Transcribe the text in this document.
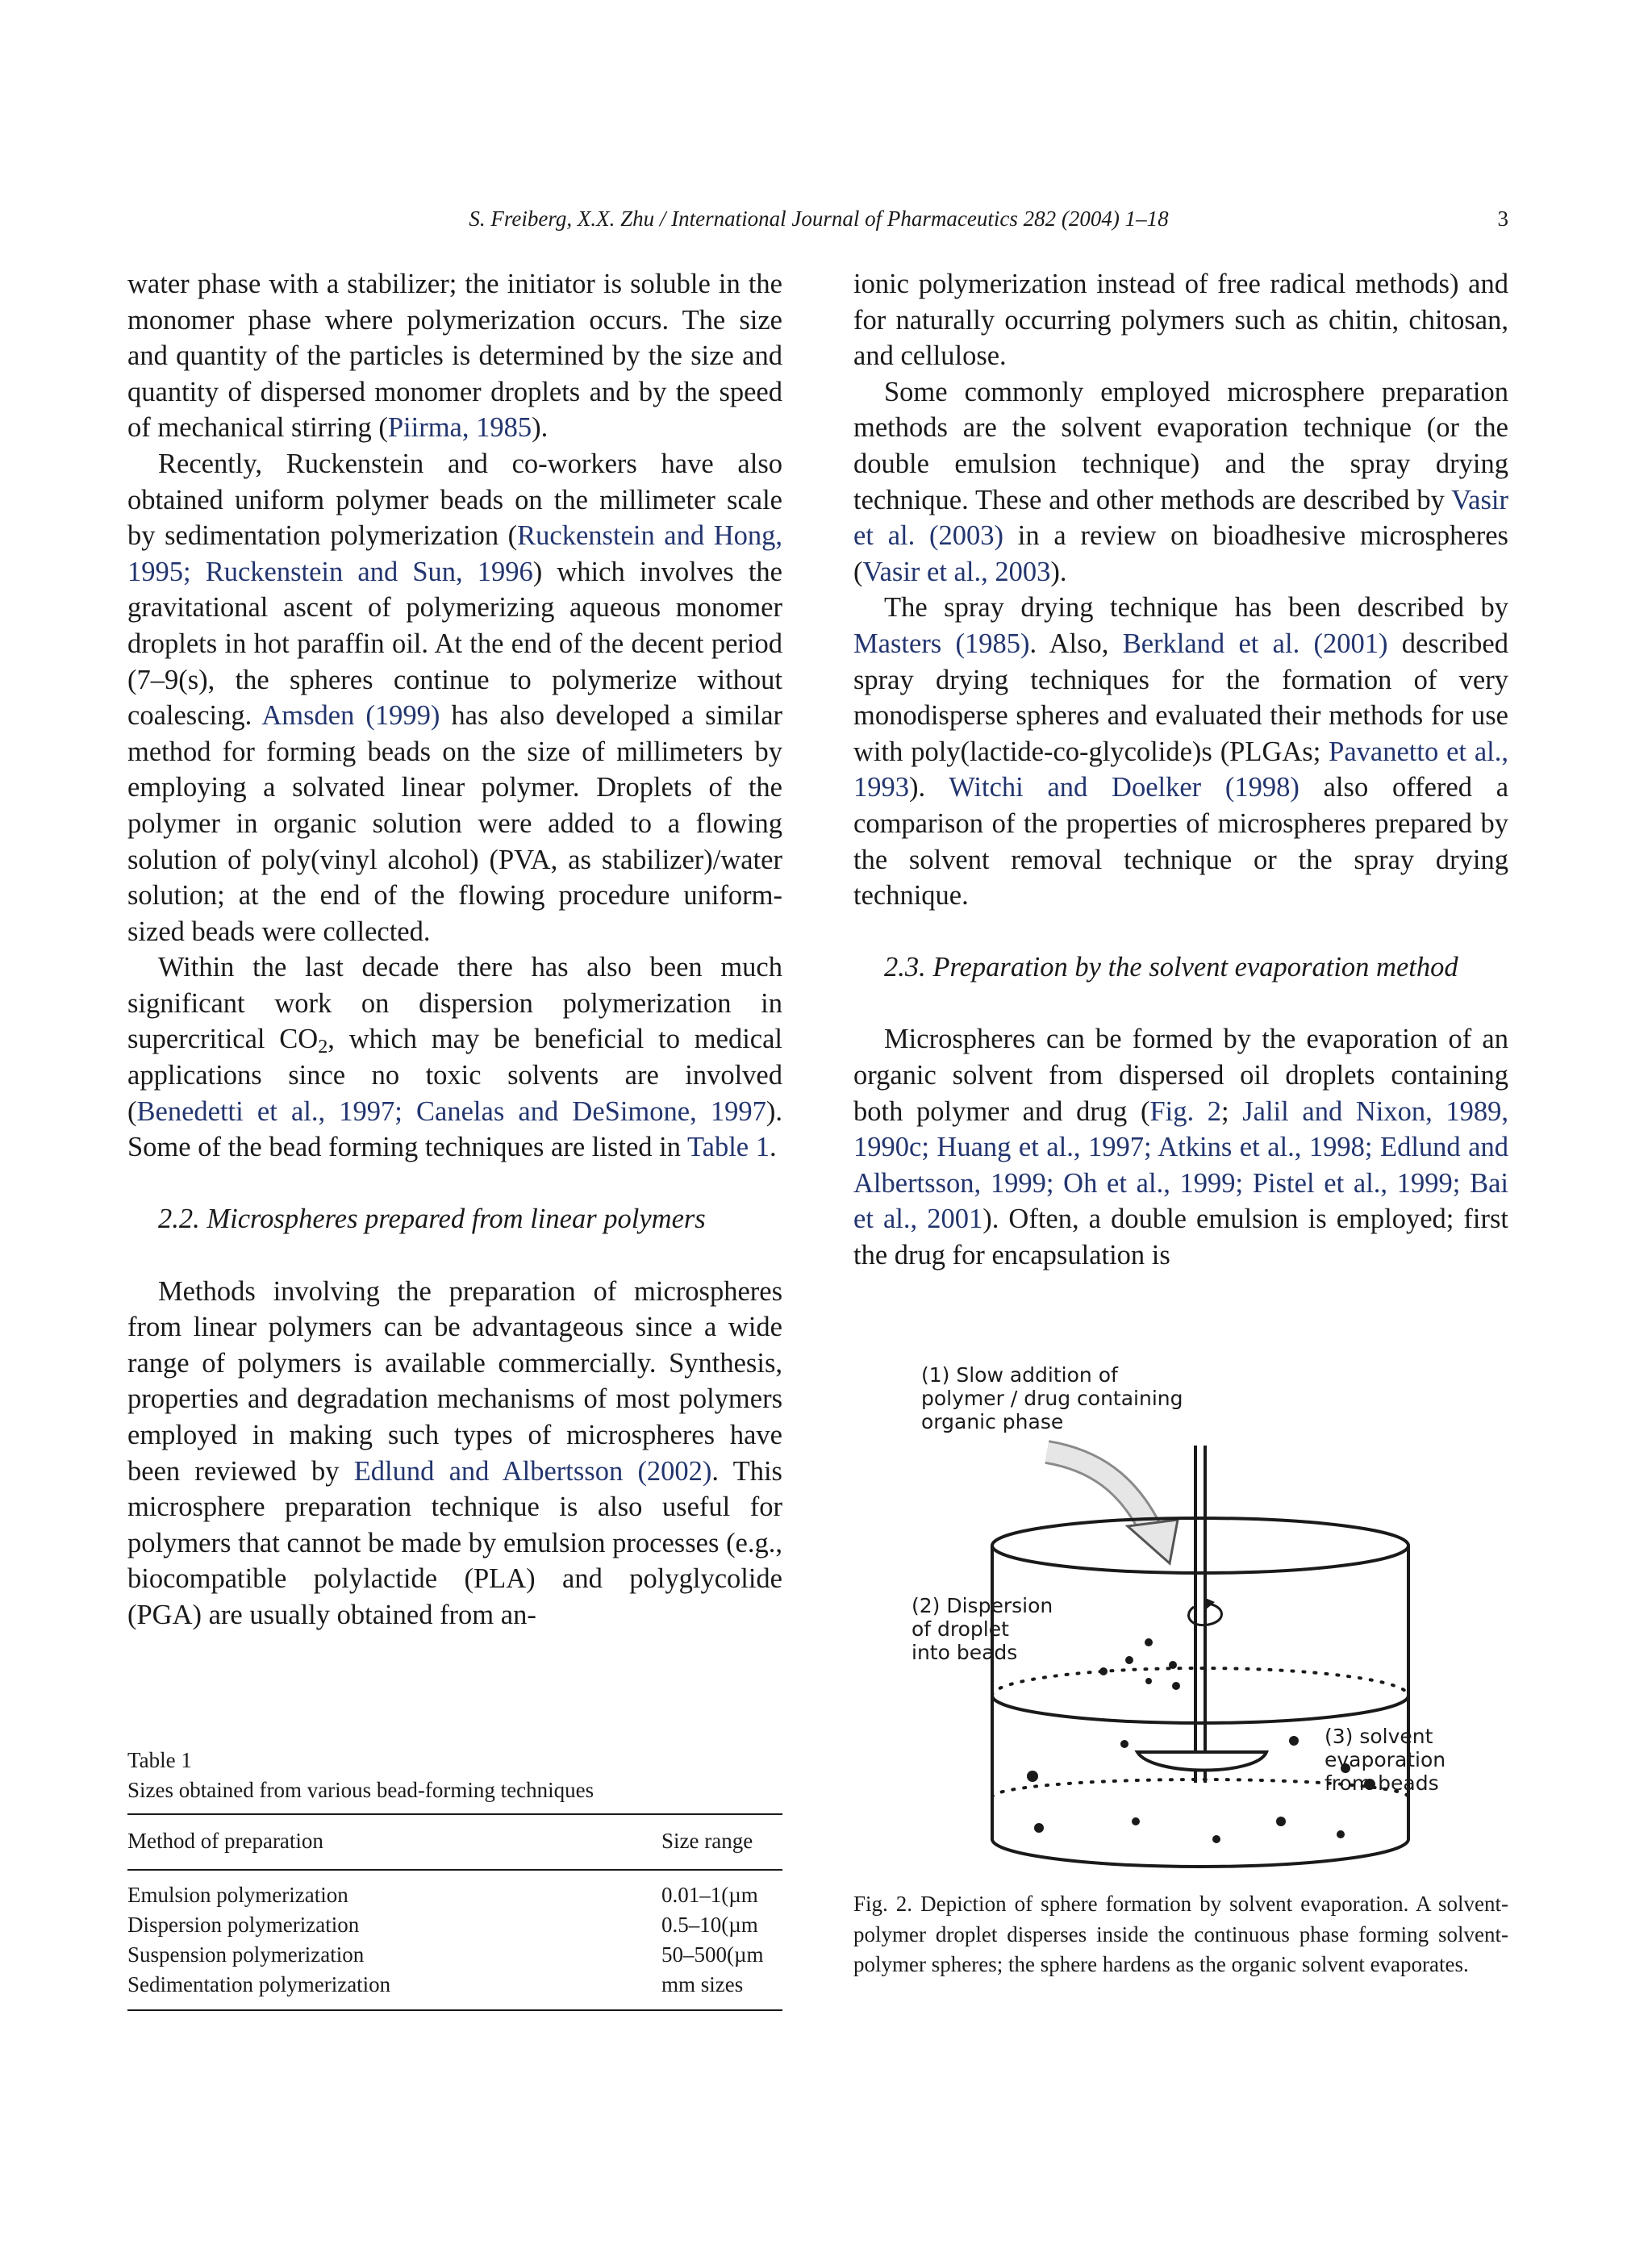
S. Freiberg, X.X. Zhu / International Journal of Pharmaceutics 282 (2004) 1–18	3

water phase with a stabilizer; the initiator is soluble in the monomer phase where polymerization occurs. The size and quantity of the particles is determined by the size and quantity of dispersed monomer droplets and by the speed of mechanical stirring (Piirma, 1985).

Recently, Ruckenstein and co-workers have also obtained uniform polymer beads on the millimeter scale by sedimentation polymerization (Ruckenstein and Hong, 1995; Ruckenstein and Sun, 1996) which involves the gravitational ascent of polymerizing aqueous monomer droplets in hot paraffin oil. At the end of the decent period (7–9(s), the spheres continue to polymerize without coalescing. Amsden (1999) has also developed a similar method for forming beads on the size of millimeters by employing a solvated linear polymer. Droplets of the polymer in organic solution were added to a flowing solution of poly(vinyl alcohol) (PVA, as stabilizer)/water solution; at the end of the flowing procedure uniform-sized beads were collected.

Within the last decade there has also been much significant work on dispersion polymerization in supercritical $CO_2$, which may be beneficial to medical applications since no toxic solvents are involved (Benedetti et al., 1997; Canelas and DeSimone, 1997). Some of the bead forming techniques are listed in Table 1.

2.2. Microspheres prepared from linear polymers

Methods involving the preparation of microspheres from linear polymers can be advantageous since a wide range of polymers is available commercially. Synthesis, properties and degradation mechanisms of most polymers employed in making such types of microspheres have been reviewed by Edlund and Albertsson (2002). This microsphere preparation technique is also useful for polymers that cannot be made by emulsion processes (e.g., biocompatible polylactide (PLA) and polyglycolide (PGA) are usually obtained from an-

ionic polymerization instead of free radical methods) and for naturally occurring polymers such as chitin, chitosan, and cellulose.

Some commonly employed microsphere preparation methods are the solvent evaporation technique (or the double emulsion technique) and the spray drying technique. These and other methods are described by Vasir et al. (2003) in a review on bioadhesive microspheres (Vasir et al., 2003).

The spray drying technique has been described by Masters (1985). Also, Berkland et al. (2001) described spray drying techniques for the formation of very monodisperse spheres and evaluated their methods for use with poly(lactide-co-glycolide)s (PLGAs; Pavanetto et al., 1993). Witchi and Doelker (1998) also offered a comparison of the properties of microspheres prepared by the solvent removal technique or the spray drying technique.

2.3. Preparation by the solvent evaporation method

Microspheres can be formed by the evaporation of an organic solvent from dispersed oil droplets containing both polymer and drug (Fig. 2; Jalil and Nixon, 1989, 1990c; Huang et al., 1997; Atkins et al., 1998; Edlund and Albertsson, 1999; Oh et al., 1999; Pistel et al., 1999; Bai et al., 2001). Often, a double emulsion is employed; first the drug for encapsulation is

Table 1

Sizes obtained from various bead-forming techniques

Method of preparation	Size range
Emulsion polymerization	0.01–1(µm
Dispersion polymerization	0.5–10(µm
Suspension polymerization	50–500(µm
Sedimentation polymerization	mm sizes
(1) Slow addition of
polymer / drug containing
organic phase
(2) Dispersion
of droplet
into beads
(3) solvent
evaporation
from beads

Fig. 2. Depiction of sphere formation by solvent evaporation. A solvent-polymer droplet disperses inside the continuous phase forming solvent-polymer spheres; the sphere hardens as the organic solvent evaporates.
